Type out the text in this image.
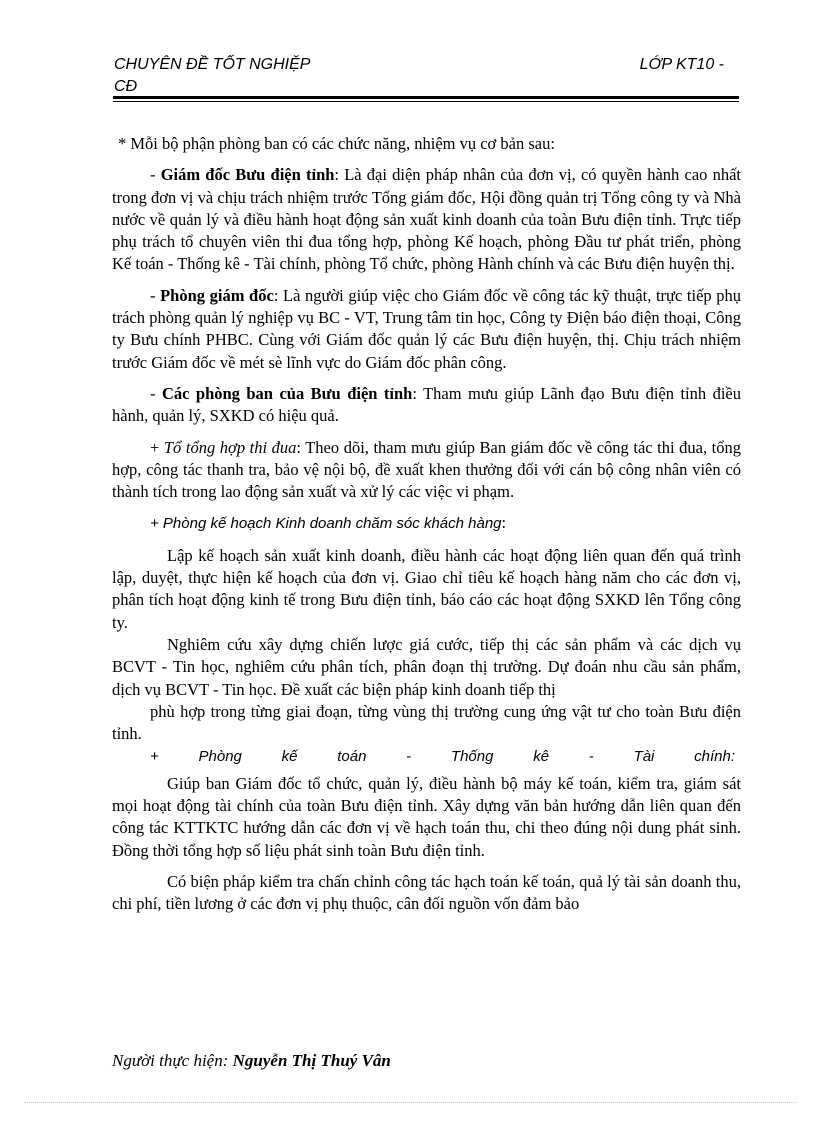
CHUYÊN ĐỀ TỐT NGHIỆP	LỚP KT10 -
CĐ

* Mỗi bộ phận phòng ban có các chức năng, nhiệm vụ cơ bản sau:

- Giám đốc Bưu điện tỉnh: Là đại diện pháp nhân của đơn vị, có quyền hành cao nhất trong đơn vị và chịu trách nhiệm trước Tổng giám đốc, Hội đồng quản trị Tổng công ty và Nhà nước về quản lý và điều hành hoạt động sản xuất kinh doanh của toàn Bưu điện tỉnh. Trực tiếp phụ trách tổ chuyên viên thi đua tổng hợp, phòng Kế hoạch, phòng Đầu tư phát triển, phòng Kế toán - Thống kê - Tài chính, phòng Tổ chức, phòng Hành chính và các Bưu điện huyện thị.

- Phòng giám đốc: Là người giúp việc cho Giám đốc về công tác kỹ thuật, trực tiếp phụ trách phòng quản lý nghiệp vụ BC - VT, Trung tâm tin học, Công ty Điện báo điện thoại, Công ty Bưu chính PHBC. Cùng với Giám đốc quản lý các Bưu điện huyện, thị. Chịu trách nhiệm trước Giám đốc về mét sè lĩnh vực do Giám đốc phân công.

- Các phòng ban của Bưu điện tỉnh: Tham mưu giúp Lãnh đạo Bưu điện tỉnh điều hành, quản lý, SXKD có hiệu quả.

+ Tổ tổng hợp thi đua: Theo dõi, tham mưu giúp Ban giám đốc về công tác thi đua, tổng hợp, công tác thanh tra, bảo vệ nội bộ, đề xuất khen thưởng đối với cán bộ công nhân viên có thành tích trong lao động sản xuất và xử lý các việc vi phạm.

+ Phòng kế hoạch Kinh doanh chăm sóc khách hàng:

Lập kế hoạch sản xuất kinh doanh, điều hành các hoạt động liên quan đến quá trình lập, duyệt, thực hiện kế hoạch của đơn vị. Giao chỉ tiêu kế hoạch hàng năm cho các đơn vị, phân tích hoạt động kinh tế trong Bưu điện tỉnh, báo cáo các hoạt động SXKD lên Tổng công ty.

Nghiêm cứu xây dựng chiến lược giá cước, tiếp thị các sản phẩm và các dịch vụ BCVT - Tin học, nghiêm cứu phân tích, phân đoạn thị trường. Dự đoán nhu cầu sản phẩm, dịch vụ BCVT - Tin học. Đề xuất các biện pháp kinh doanh tiếp thị

phù hợp trong từng giai đoạn, từng vùng thị trường cung ứng vật tư cho toàn Bưu điện tỉnh.

+ Phòng kế toán - Thống kê - Tài chính:

Giúp ban Giám đốc tổ chức, quản lý, điều hành bộ máy kế toán, kiểm tra, giám sát mọi hoạt động tài chính của toàn Bưu điện tỉnh. Xây dựng văn bản hướng dẫn liên quan đến công tác KTTKTC hướng dẫn các đơn vị về hạch toán thu, chi theo đúng nội dung phát sinh. Đồng thời tổng hợp số liệu phát sinh toàn Bưu điện tỉnh.

Có biện pháp kiểm tra chấn chỉnh công tác hạch toán kế toán, quả lý tài sản doanh thu, chi phí, tiền lương ở các đơn vị phụ thuộc, cân đối nguồn vốn đảm bảo

Người thực hiện: Nguyễn Thị Thuý Vân
